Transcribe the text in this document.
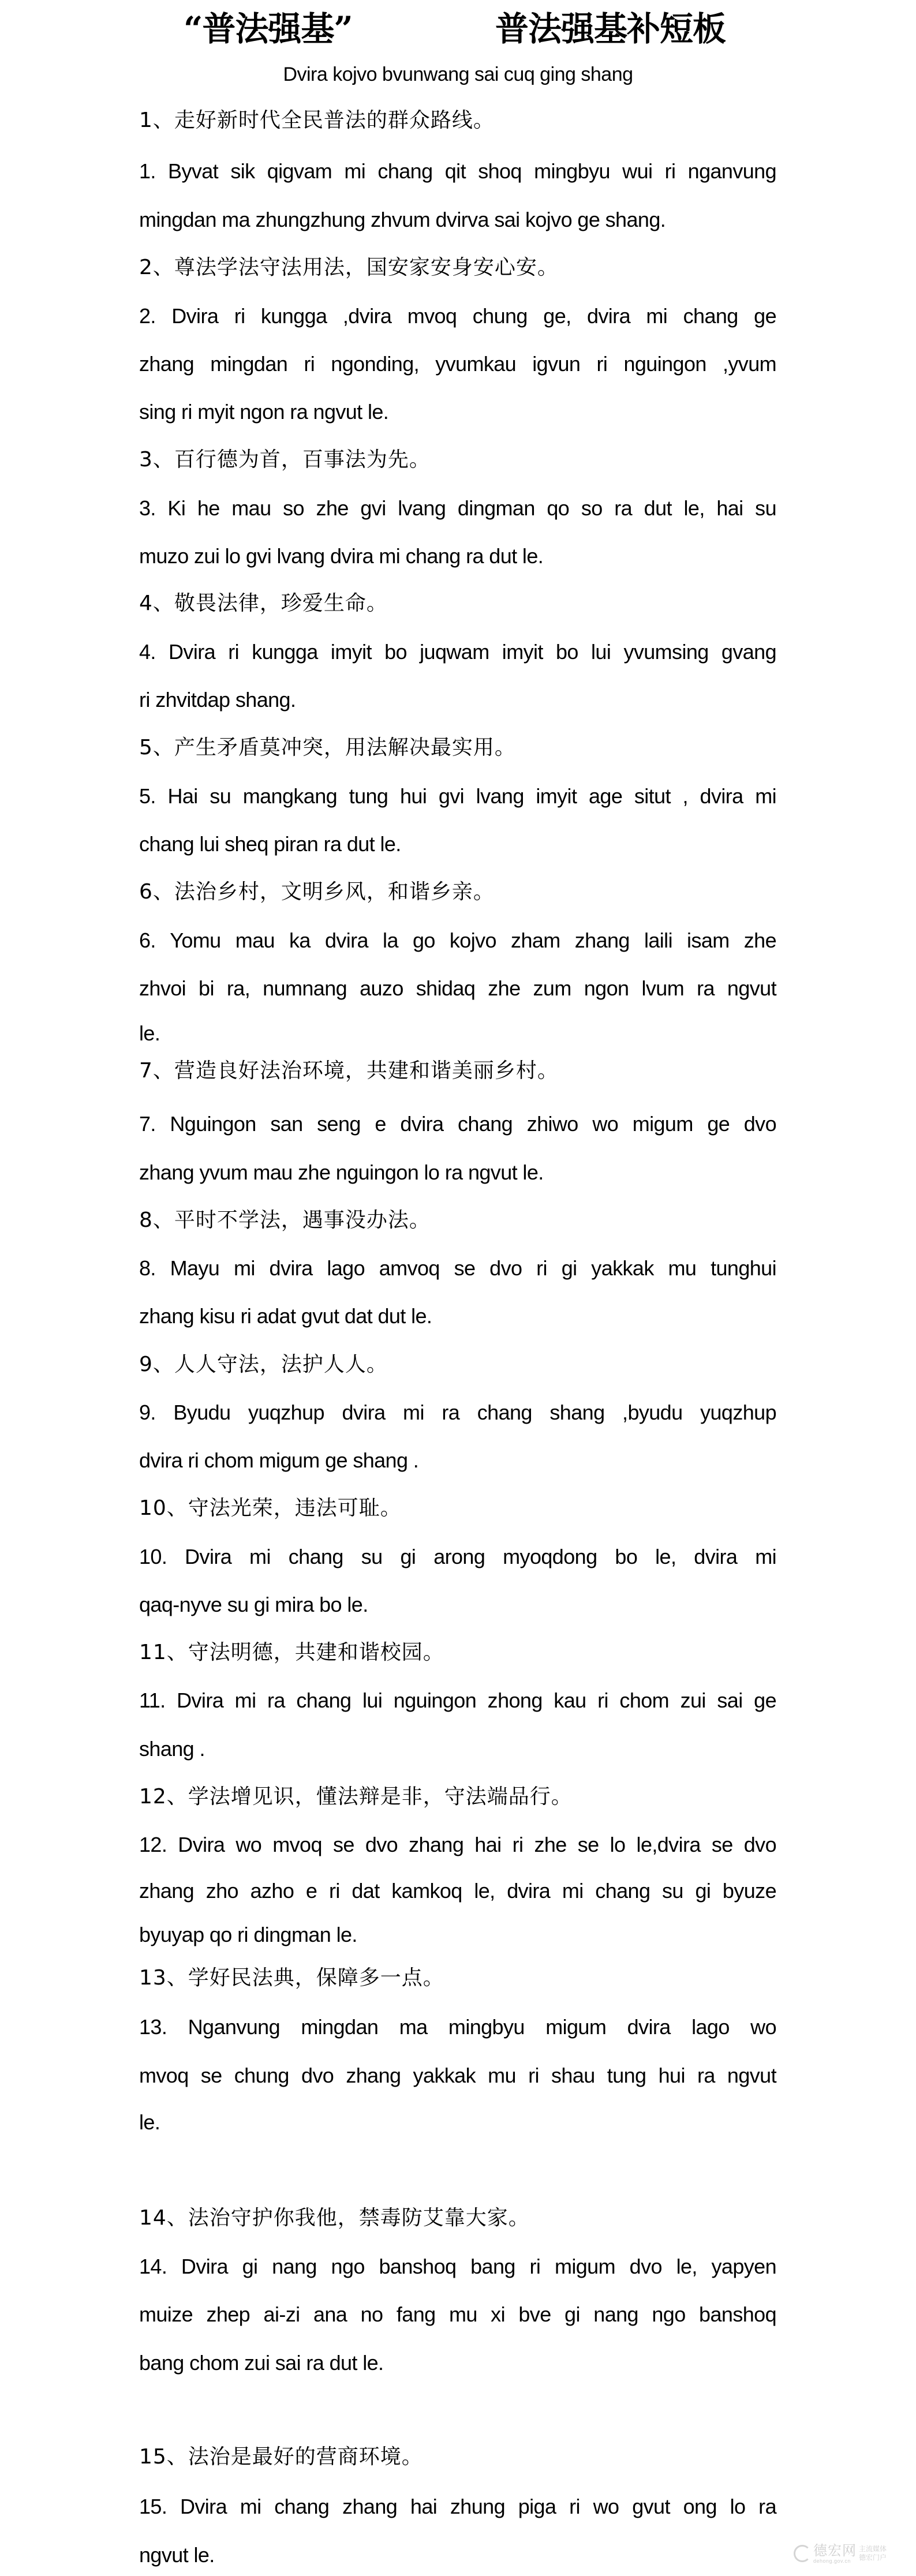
“普法强基”	普法强基补短板
Dvira kojvo bvunwang sai cuq ging shang
1、走好新时代全民普法的群众路线。
1. Byvat sik qigvam mi chang qit shoq mingbyu wui ri nganvung
mingdan ma zhungzhung zhvum dvirva sai kojvo ge shang.
2、尊法学法守法用法，国安家安身安心安。
2. Dvira ri kungga ,dvira mvoq chung ge, dvira mi chang ge
zhang mingdan ri ngonding, yvumkau igvun ri nguingon ,yvum
sing ri myit ngon ra ngvut le.
3、百行德为首，百事法为先。
3. Ki he mau so zhe gvi lvang dingman qo so ra dut le, hai su
muzo zui lo gvi lvang dvira mi chang ra dut le.
4、敬畏法律，珍爱生命。
4. Dvira ri kungga imyit bo juqwam imyit bo lui yvumsing gvang
ri zhvitdap shang.
5、产生矛盾莫冲突，用法解决最实用。
5. Hai su mangkang tung hui gvi lvang imyit age situt , dvira mi
chang lui sheq piran ra dut le.
6、法治乡村，文明乡风，和谐乡亲。
6. Yomu mau ka dvira la go kojvo zham zhang laili isam zhe
zhvoi bi ra, numnang auzo shidaq zhe zum ngon lvum ra ngvut
le.
7、营造良好法治环境，共建和谐美丽乡村。
7. Nguingon san seng e dvira chang zhiwo wo migum ge dvo
zhang yvum mau zhe nguingon lo ra ngvut le.
8、平时不学法，遇事没办法。
8. Mayu mi dvira lago amvoq se dvo ri gi yakkak mu tunghui
zhang kisu ri adat gvut dat dut le.
9、人人守法，法护人人。
9. Byudu yuqzhup dvira mi ra chang shang ,byudu yuqzhup
dvira ri chom migum ge shang .
10、守法光荣，违法可耻。
10. Dvira mi chang su gi arong myoqdong bo le, dvira mi
qaq-nyve su gi mira bo le.
11、守法明德，共建和谐校园。
11. Dvira mi ra chang lui nguingon zhong kau ri chom zui sai ge
shang .
12、学法增见识，懂法辩是非，守法端品行。
12. Dvira wo mvoq se dvo zhang hai ri zhe se lo le,dvira se dvo
zhang zho azho e ri dat kamkoq le, dvira mi chang su gi byuze
byuyap qo ri dingman le.
13、学好民法典，保障多一点。
13. Nganvung mingdan ma mingbyu migum dvira lago wo
mvoq se chung dvo zhang yakkak mu ri shau tung hui ra ngvut
le.
14、法治守护你我他，禁毒防艾靠大家。
14. Dvira gi nang ngo banshoq bang ri migum dvo le, yapyen
muize zhep ai-zi ana no fang mu xi bve gi nang ngo banshoq
bang chom zui sai ra dut le.
15、法治是最好的营商环境。
15. Dvira mi chang zhang hai zhung piga ri wo gvut ong lo ra
ngvut le.	德宏网
dehong.gov.cn
主流媒体
德宏门户
